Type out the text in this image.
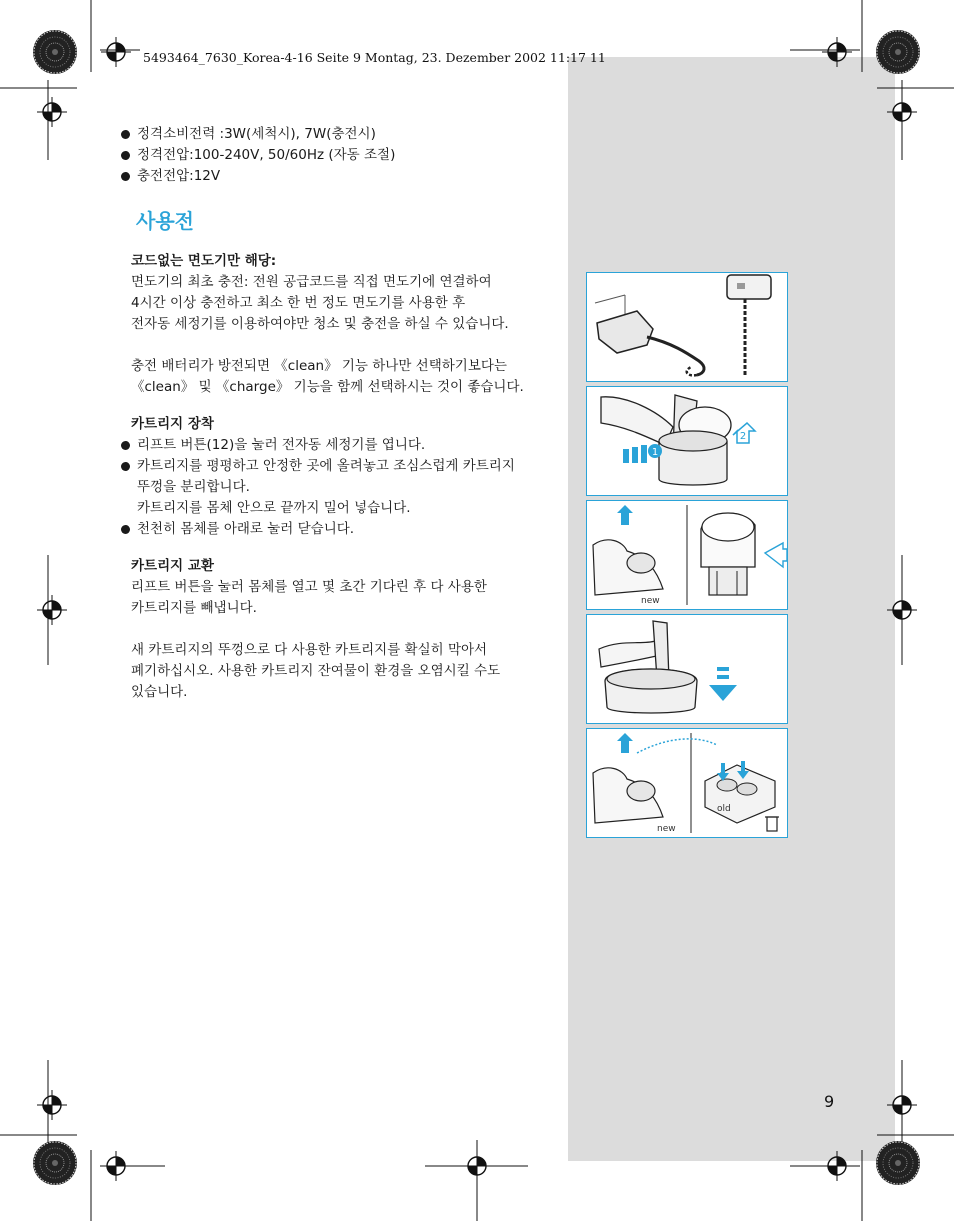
5493464_7630_Korea-4-16 Seite 9 Montag, 23. Dezember 2002 11:17 11
정격소비전력 :3W(세척시), 7W(충전시)
정격전압:100-240V, 50/60Hz (자동 조절)
충전전압:12V
사용전
코드없는 면도기만 해당:
면도기의 최초 충전: 전원 공급코드를 직접 면도기에 연결하여
4시간 이상 충전하고 최소 한 번 정도 면도기를 사용한 후
전자동 세정기를 이용하여야만 청소 및 충전을 하실 수 있습니다.
충전 배터리가 방전되면 《clean》 기능 하나만 선택하기보다는
《clean》 및 《charge》 기능을 함께 선택하시는 것이 좋습니다.
카트리지 장착
리프트 버튼(12)을 눌러 전자동 세정기를 엽니다.
카트리지를 평평하고 안정한 곳에 올려놓고 조심스럽게 카트리지
뚜껑을 분리합니다.
카트리지를 몸체 안으로 끝까지 밀어 넣습니다.
천천히 몸체를 아래로 눌러 닫습니다.
카트리지 교환
리프트 버튼을 눌러 몸체를 열고 몇 초간 기다린 후 다 사용한
카트리지를 빼냅니다.
새 카트리지의 뚜껑으로 다 사용한 카트리지를 확실히 막아서
폐기하십시오. 사용한 카트리지 잔여물이 환경을 오염시킬 수도
있습니다.
1
2
new
new
old
9
